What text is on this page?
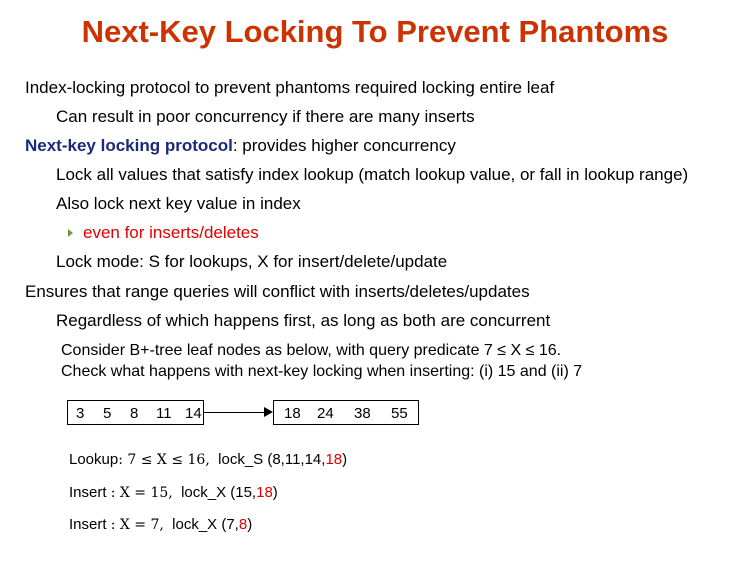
Next-Key Locking To Prevent Phantoms
Index-locking protocol to prevent phantoms required locking entire leaf
Can result in poor concurrency if there are many inserts
Next-key locking protocol: provides higher concurrency
Lock all values that satisfy index lookup (match lookup value, or fall in lookup range)
Also lock next key value in index
even for inserts/deletes
Lock mode: S for lookups, X for insert/delete/update
Ensures that range queries will conflict with inserts/deletes/updates
Regardless of which happens first, as long as both are concurrent
Consider B+-tree leaf nodes as below, with query predicate 7 ≤ X ≤ 16.
Check what happens with next-key locking when inserting: (i) 15 and (ii) 7
3 5 8 11 14	18 24 38 55
Lookup: 7 ≤ X ≤ 16, lock_S (8,11,14,18)
Insert : X = 15, lock_X (15,18)
Insert : X = 7, lock_X (7,8)
